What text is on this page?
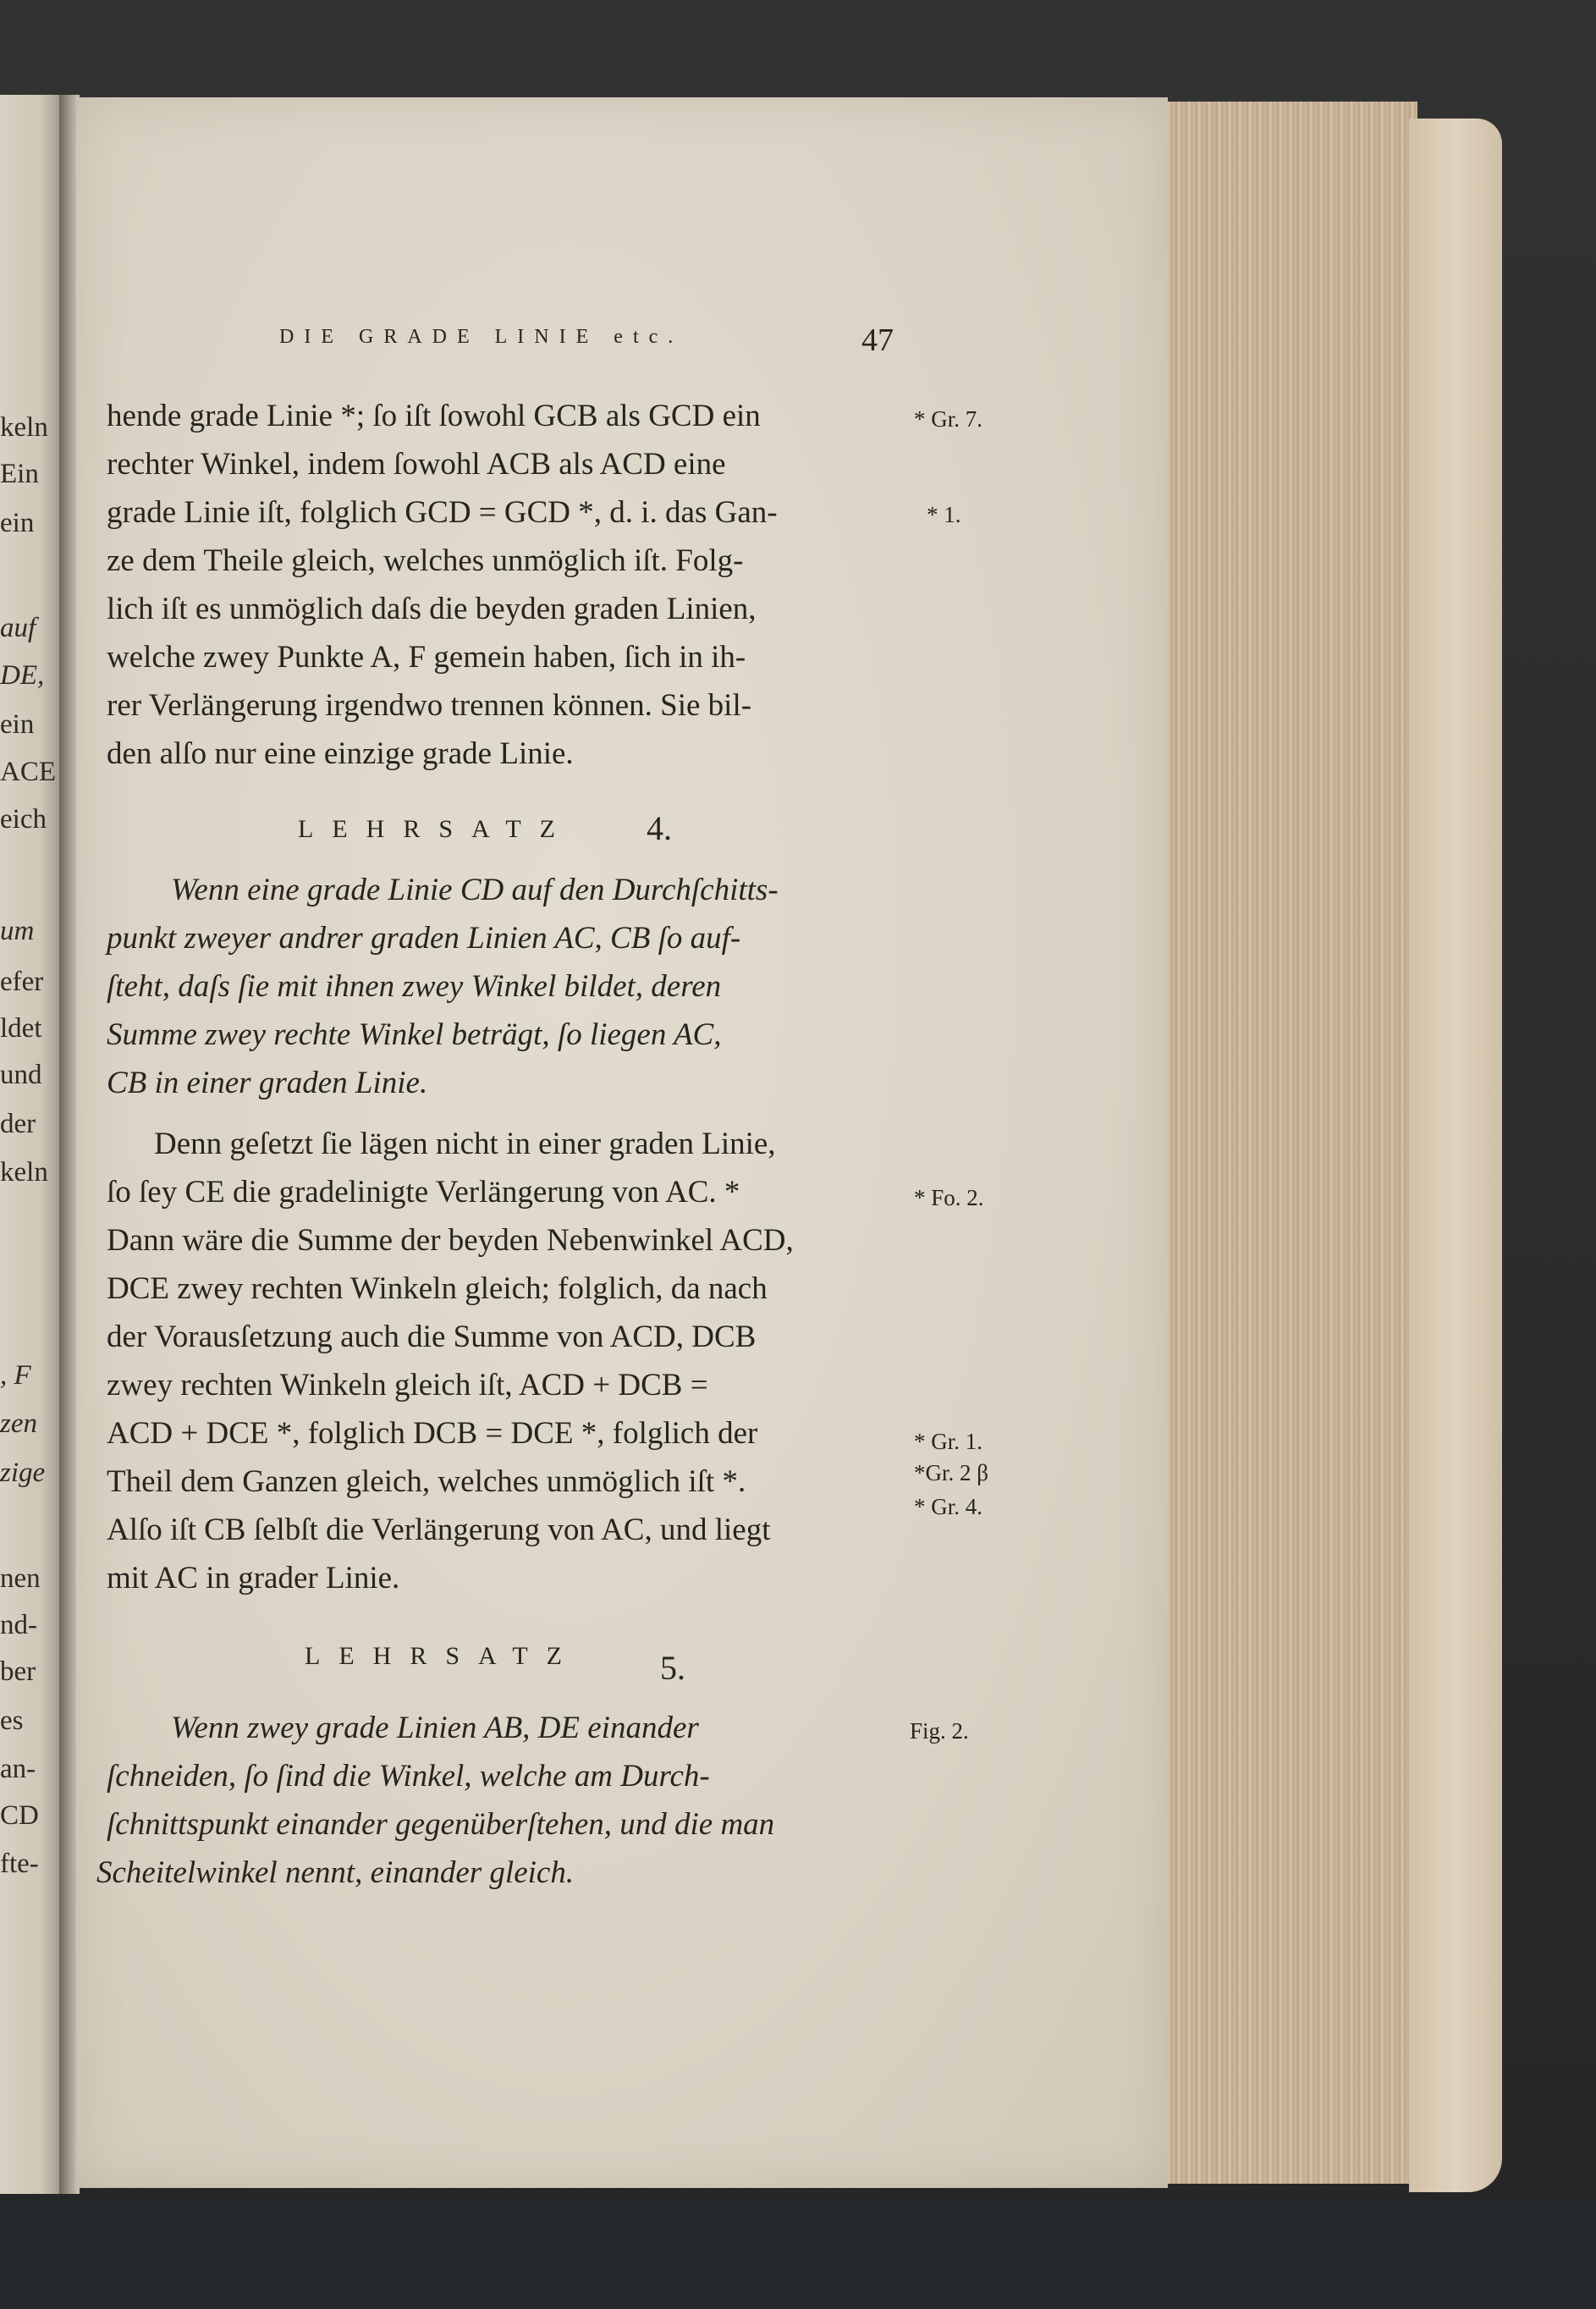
keln
Ein
ein
auf
DE,
ein
ACE
eich
um
efer
ldet
und
der
keln
, F
zen
zige
nen
nd-
ber
es
an-
CD
fte-
DIE GRADE LINIE etc.	47
hende grade Linie *; ſo iſt ſowohl GCB als GCD ein
rechter Winkel, indem ſowohl ACB als ACD eine
grade Linie iſt, folglich GCD = GCD *, d. i. das Gan-
ze dem Theile gleich, welches unmöglich iſt. Folg-
lich iſt es unmöglich daſs die beyden graden Linien,
welche zwey Punkte A, F gemein haben, ſich in ih-
rer Verlängerung irgendwo trennen können. Sie bil-
den alſo nur eine einzige grade Linie.
LEHRSATZ 4.
Wenn eine grade Linie CD auf den Durchſchitts-
punkt zweyer andrer graden Linien AC, CB ſo auf-
ſteht, daſs ſie mit ihnen zwey Winkel bildet, deren
Summe zwey rechte Winkel beträgt, ſo liegen AC,
CB in einer graden Linie.
Denn geſetzt ſie lägen nicht in einer graden Linie,
ſo ſey CE die gradelinigte Verlängerung von AC. *
Dann wäre die Summe der beyden Nebenwinkel ACD,
DCE zwey rechten Winkeln gleich; folglich, da nach
der Vorausſetzung auch die Summe von ACD, DCB
zwey rechten Winkeln gleich iſt, ACD + DCB =
ACD + DCE *, folglich DCB = DCE *, folglich der
Theil dem Ganzen gleich, welches unmöglich iſt *.
Alſo iſt CB ſelbſt die Verlängerung von AC, und liegt
mit AC in grader Linie.
LEHRSATZ 5.
Wenn zwey grade Linien AB, DE einander
ſchneiden, ſo ſind die Winkel, welche am Durch-
ſchnittspunkt einander gegenüberſtehen, und die man
Scheitelwinkel nennt, einander gleich.
* Gr. 7.
* 1.
* Fo. 2.
* Gr. 1.
*Gr. 2 β
* Gr. 4.
Fig. 2.
